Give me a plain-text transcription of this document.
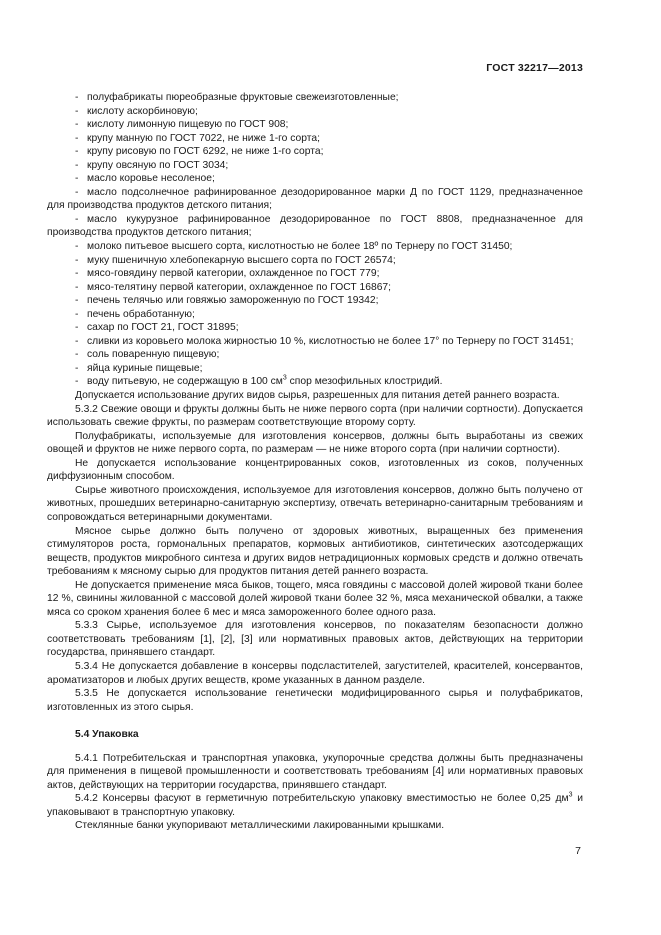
ГОСТ 32217—2013

- полуфабрикаты пюреобразные фруктовые свежеизготовленные;

- кислоту аскорбиновую;

- кислоту лимонную пищевую по ГОСТ 908;

- крупу манную по ГОСТ 7022, не ниже 1-го сорта;

- крупу рисовую по ГОСТ 6292, не ниже 1-го сорта;

- крупу овсяную по ГОСТ 3034;

- масло коровье несоленое;

- масло подсолнечное рафинированное дезодорированное марки Д по ГОСТ 1129, предназначенное для производства продуктов детского питания;

- масло кукурузное рафинированное дезодорированное по ГОСТ 8808, предназначенное для производства продуктов детского питания;

- молоко питьевое высшего сорта, кислотностью не более 18º по Тернеру по ГОСТ 31450;

- муку пшеничную хлебопекарную высшего сорта по ГОСТ 26574;

- мясо-говядину первой категории, охлажденное по ГОСТ 779;

- мясо-телятину первой категории, охлажденное по ГОСТ 16867;

- печень телячью или говяжью замороженную по ГОСТ 19342;

- печень обработанную;

- сахар по ГОСТ 21, ГОСТ 31895;

- сливки из коровьего молока жирностью 10 %, кислотностью не более 17° по Тернеру по ГОСТ 31451;

- соль поваренную пищевую;

- яйца куриные пищевые;

- воду питьевую, не содержащую в 100 $см^3$ спор мезофильных клостридий.

Допускается использование других видов сырья, разрешенных для питания детей раннего возраста.

5.3.2 Свежие овощи и фрукты должны быть не ниже первого сорта (при наличии сортности). Допускается использовать свежие фрукты, по размерам соответствующие второму сорту.

Полуфабрикаты, используемые для изготовления консервов, должны быть выработаны из свежих овощей и фруктов не ниже первого сорта, по размерам — не ниже второго сорта (при наличии сортности).

Не допускается использование концентрированных соков, изготовленных из соков, полученных диффузионным способом.

Сырье животного происхождения, используемое для изготовления консервов, должно быть получено от животных, прошедших ветеринарно-санитарную экспертизу, отвечать ветеринарно-санитарным требованиям и сопровождаться ветеринарными документами.

Мясное сырье должно быть получено от здоровых животных, выращенных без применения стимуляторов роста, гормональных препаратов, кормовых антибиотиков, синтетических азотсодержащих веществ, продуктов микробного синтеза и других видов нетрадиционных кормовых средств и должно отвечать требованиям к мясному сырью для продуктов питания детей раннего возраста.

Не допускается применение мяса быков, тощего, мяса говядины с массовой долей жировой ткани более 12 %, свинины жилованной с массовой долей жировой ткани более 32 %, мяса механической обвалки, а также мяса со сроком хранения более 6 мес и мяса замороженного более одного раза.

5.3.3 Сырье, используемое для изготовления консервов, по показателям безопасности должно соответствовать требованиям [1], [2], [3] или нормативных правовых актов, действующих на территории государства, принявшего стандарт.

5.3.4 Не допускается добавление в консервы подсластителей, загустителей, красителей, консервантов, ароматизаторов и любых других веществ, кроме указанных в данном разделе.

5.3.5 Не допускается использование генетически модифицированного сырья и полуфабрикатов, изготовленных из этого сырья.

5.4 Упаковка

5.4.1 Потребительская и транспортная упаковка, укупорочные средства должны быть предназначены для применения в пищевой промышленности и соответствовать требованиям [4] или нормативных правовых актов, действующих на территории государства, принявшего стандарт.

5.4.2 Консервы фасуют в герметичную потребительскую упаковку вместимостью не более 0,25 $дм^3$ и упаковывают в транспортную упаковку.

Стеклянные банки укупоривают металлическими лакированными крышками.

7
